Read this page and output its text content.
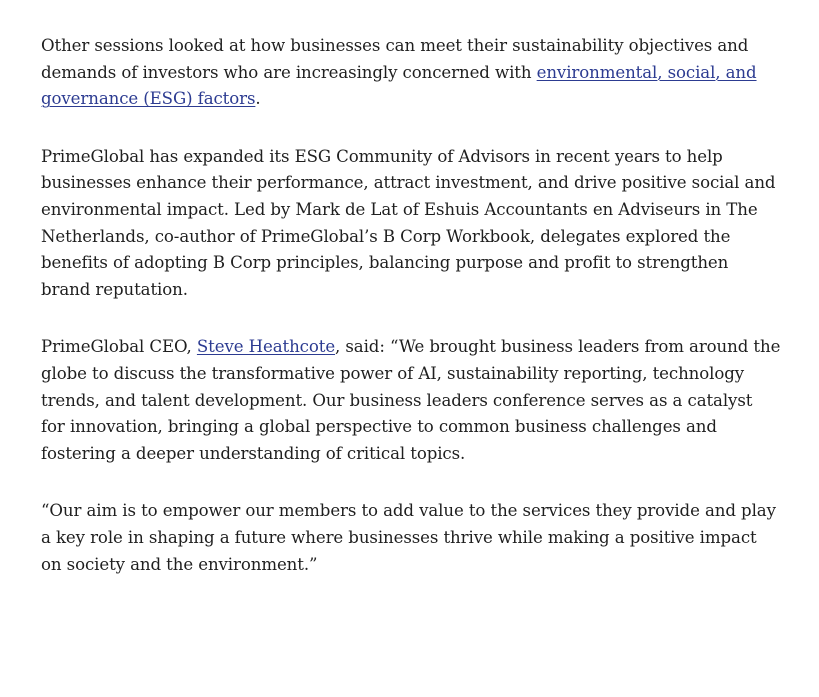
Other sessions looked at how businesses can meet their sustainability objectives and demands of investors who are increasingly concerned with environmental, social, and governance (ESG) factors.

PrimeGlobal has expanded its ESG Community of Advisors in recent years to help businesses enhance their performance, attract investment, and drive positive social and environmental impact. Led by Mark de Lat of Eshuis Accountants en Adviseurs in The Netherlands, co-author of PrimeGlobal’s B Corp Workbook, delegates explored the benefits of adopting B Corp principles, balancing purpose and profit to strengthen brand reputation.

PrimeGlobal CEO, Steve Heathcote, said: “We brought business leaders from around the globe to discuss the transformative power of AI, sustainability reporting, technology trends, and talent development. Our business leaders conference serves as a catalyst for innovation, bringing a global perspective to common business challenges and fostering a deeper understanding of critical topics.

“Our aim is to empower our members to add value to the services they provide and play a key role in shaping a future where businesses thrive while making a positive impact on society and the environment.”
